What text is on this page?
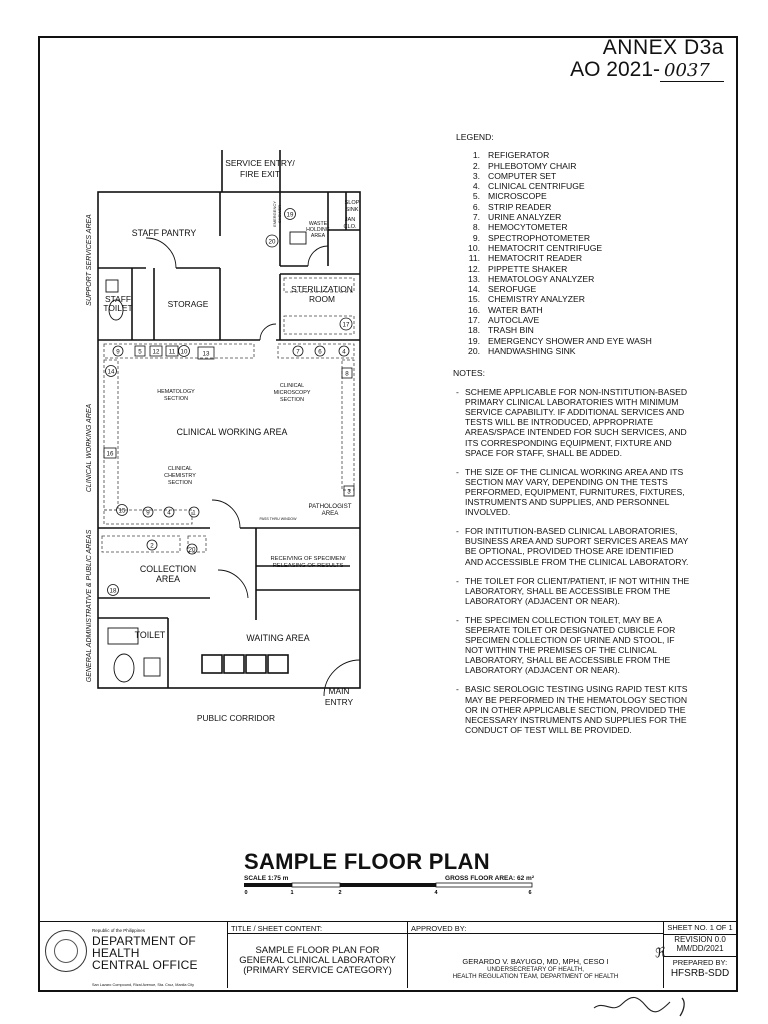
ANNEX D3a
AO 2021- 0037
SERVICE ENTRY/
FIRE EXIT
STAFF PANTRY
STAFF
TOILET	STORAGE
STERILIZATION
ROOM
WASTE
HOLDING
AREA
SLOP
SINK
JAN
CLO.
HEMATOLOGY
SECTION
CLINICAL
MICROSCOPY
SECTION
CLINICAL WORKING AREA
CLINICAL
CHEMISTRY
SECTION
PATHOLOGIST
AREA
PASS THRU WINDOW
RECEIVING OF SPECIMEN/
RELEASING OF RESULTS
COLLECTION
AREA
TOILET	WAITING AREA
MAIN
ENTRY
PUBLIC CORRIDOR
EMERGENCY SHOWER
SUPPORT SERVICES AREA
CLINICAL WORKING AREA
GENERAL ADMINISTRATIVE & PUBLIC AREAS
9	5 12 11 10 13	7	6	4
14	8
16
3
15	9	4	1
2
20
18
17
19
20
LEGEND:
1. REFIGERATOR
2. PHLEBOTOMY CHAIR
3. COMPUTER SET
4. CLINICAL CENTRIFUGE
5. MICROSCOPE
6. STRIP READER
7. URINE ANALYZER
8. HEMOCYTOMETER
9. SPECTROPHOTOMETER
10. HEMATOCRIT CENTRIFUGE
11. HEMATOCRIT READER
12. PIPPETTE SHAKER
13. HEMATOLOGY ANALYZER
14. SEROFUGE
15. CHEMISTRY ANALYZER
16. WATER BATH
17. AUTOCLAVE
18. TRASH BIN
19. EMERGENCY SHOWER AND EYE WASH
20. HANDWASHING SINK
NOTES:
- SCHEME APPLICABLE FOR NON-INSTITUTION-BASED PRIMARY CLINICAL LABORATORIES WITH MINIMUM SERVICE CAPABILITY. IF ADDITIONAL SERVICES AND TESTS WILL BE INTRODUCED, APPROPRIATE AREAS/SPACE INTENDED FOR SUCH SERVICES, AND ITS CORRESPONDING EQUIPMENT, FIXTURE AND SPACE FOR STAFF, SHALL BE ADDED.
- THE SIZE OF THE CLINICAL WORKING AREA AND ITS SECTION MAY VARY, DEPENDING ON THE TESTS PERFORMED, EQUIPMENT, FURNITURES, FIXTURES, INSTRUMENTS AND SUPPLIES, AND PERSONNEL INVOLVED.
- FOR INTITUTION-BASED CLINICAL LABORATORIES, BUSINESS AREA AND SUPORT SERVICES AREAS MAY BE OPTIONAL, PROVIDED THOSE ARE IDENTIFIED AND ACCESSIBLE FROM THE CLINICAL LABORATORY.
- THE TOILET FOR CLIENT/PATIENT, IF NOT WITHIN THE LABORATORY, SHALL BE ACCESSIBLE FROM THE LABORATORY (ADJACENT OR NEAR).
- THE SPECIMEN COLLECTION TOILET, MAY BE A SEPERATE TOILET OR DESIGNATED CUBICLE FOR SPECIMEN COLLECTION OF URINE AND STOOL, IF NOT WITHIN THE PREMISES OF THE CLINICAL LABORATORY, SHALL BE ACCESSIBLE FROM THE LABORATORY (ADJACENT OR NEAR).
- BASIC SEROLOGIC TESTING USING RAPID TEST KITS MAY BE PERFORMED IN THE HEMATOLOGY SECTION OR IN OTHER APPLICABLE SECTION, PROVIDED THE NECESSARY INSTRUMENTS AND SUPPLIES FOR THE CONDUCT OF TEST WILL BE PROVIDED.
SAMPLE FLOOR PLAN
SCALE 1:75 m	GROSS FLOOR AREA: 62 m²
0	1	2	4	6
Republic of the Philippines
DEPARTMENT OF
HEALTH
CENTRAL OFFICE
San Lazaro Compound, Rizal Avenue, Sta. Cruz, Manila City
TITLE / SHEET CONTENT:
SAMPLE FLOOR PLAN FOR
GENERAL CLINICAL LABORATORY
(PRIMARY SERVICE CATEGORY)
APPROVED BY:
GERARDO V. BAYUGO, MD, MPH, CESO I
UNDERSECRETARY OF HEALTH,
HEALTH REGULATION TEAM, DEPARTMENT OF HEALTH
SHEET NO. 1 OF 1
REVISION 0.0
MM/DD/2021
PREPARED BY:
HFSRB-SDD
ℜ
